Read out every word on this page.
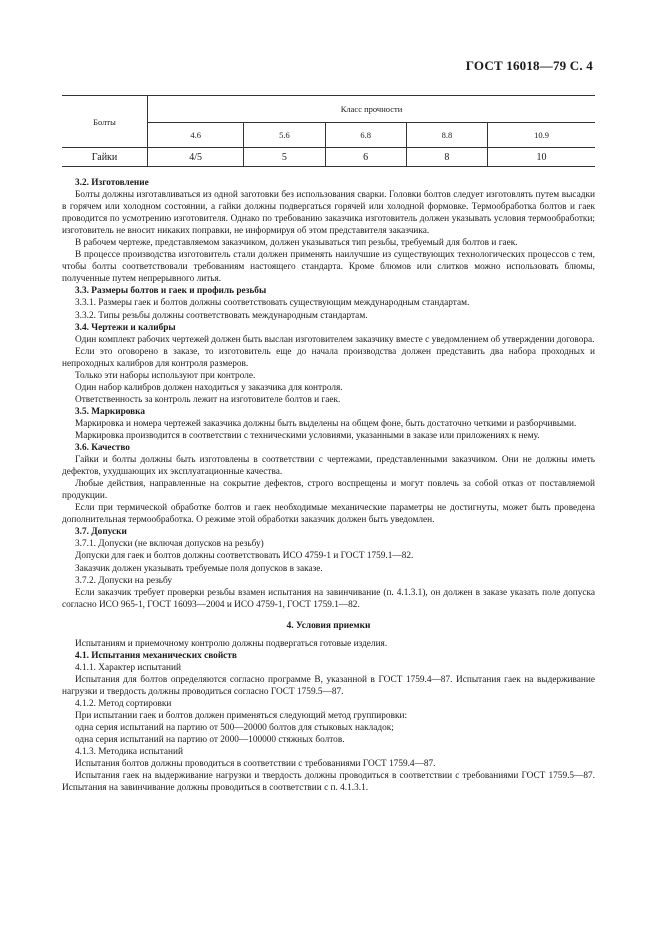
ГОСТ 16018—79 С. 4
Болты	Класс прочности				
	4.6	5.6	6.8	8.8	10.9
Гайки	4/5	5	6	8	10

3.2. Изготовление

Болты должны изготавливаться из одной заготовки без использования сварки. Головки болтов следует изготовлять путем высадки в горячем или холодном состоянии, а гайки должны подвергаться горячей или холодной формовке. Термообработка болтов и гаек проводится по усмотрению изготовителя. Однако по требованию заказчика изготовитель должен указывать условия термообработки; изготовитель не вносит никаких поправки, не информируя об этом представителя заказчика.

В рабочем чертеже, представляемом заказчиком, должен указываться тип резьбы, требуемый для болтов и гаек.

В процессе производства изготовитель стали должен применять наилучшие из существующих технологических процессов с тем, чтобы болты соответствовали требованиям настоящего стандарта. Кроме блюмов или слитков можно использовать блюмы, полученные путем непрерывного литья.

3.3. Размеры болтов и гаек и профиль резьбы

3.3.1. Размеры гаек и болтов должны соответствовать существующим международным стандартам.

3.3.2. Типы резьбы должны соответствовать международным стандартам.

3.4. Чертежи и калибры

Один комплект рабочих чертежей должен быть выслан изготовителем заказчику вместе с уведомлением об утверждении договора.

Если это оговорено в заказе, то изготовитель еще до начала производства должен представить два набора проходных и непроходных калибров для контроля размеров.

Только эти наборы используют при контроле.

Один набор калибров должен находиться у заказчика для контроля.

Ответственность за контроль лежит на изготовителе болтов и гаек.

3.5. Маркировка

Маркировка и номера чертежей заказчика должны быть выделены на общем фоне, быть достаточно четкими и разборчивыми.

Маркировка производится в соответствии с техническими условиями, указанными в заказе или приложениях к нему.

3.6. Качество

Гайки и болты должны быть изготовлены в соответствии с чертежами, представленными заказчиком. Они не должны иметь дефектов, ухудшающих их эксплуатационные качества.

Любые действия, направленные на сокрытие дефектов, строго воспрещены и могут повлечь за собой отказ от поставляемой продукции.

Если при термической обработке болтов и гаек необходимые механические параметры не достигнуты, может быть проведена дополнительная термообработка. О режиме этой обработки заказчик должен быть уведомлен.

3.7. Допуски

3.7.1. Допуски (не включая допусков на резьбу)

Допуски для гаек и болтов должны соответствовать ИСО 4759-1 и ГОСТ 1759.1—82.

Заказчик должен указывать требуемые поля допусков в заказе.

3.7.2. Допуски на резьбу

Если заказчик требует проверки резьбы взамен испытания на завинчивание (п. 4.1.3.1), он должен в заказе указать поле допуска согласно ИСО 965-1, ГОСТ 16093—2004 и ИСО 4759-1, ГОСТ 1759.1—82.

4. Условия приемки

Испытаниям и приемочному контролю должны подвергаться готовые изделия.

4.1. Испытания механических свойств

4.1.1. Характер испытаний

Испытания для болтов определяются согласно программе В, указанной в ГОСТ 1759.4—87. Испытания гаек на выдерживание нагрузки и твердость должны проводиться согласно ГОСТ 1759.5—87.

4.1.2. Метод сортировки

При испытании гаек и болтов должен применяться следующий метод группировки:

одна серия испытаний на партию от 500—20000 болтов для стыковых накладок;

одна серия испытаний на партию от 2000—100000 стяжных болтов.

4.1.3. Методика испытаний

Испытания болтов должны проводиться в соответствии с требованиями ГОСТ 1759.4—87.

Испытания гаек на выдерживание нагрузки и твердость должны проводиться в соответствии с требованиями ГОСТ 1759.5—87. Испытания на завинчивание должны проводиться в соответствии с п. 4.1.3.1.
